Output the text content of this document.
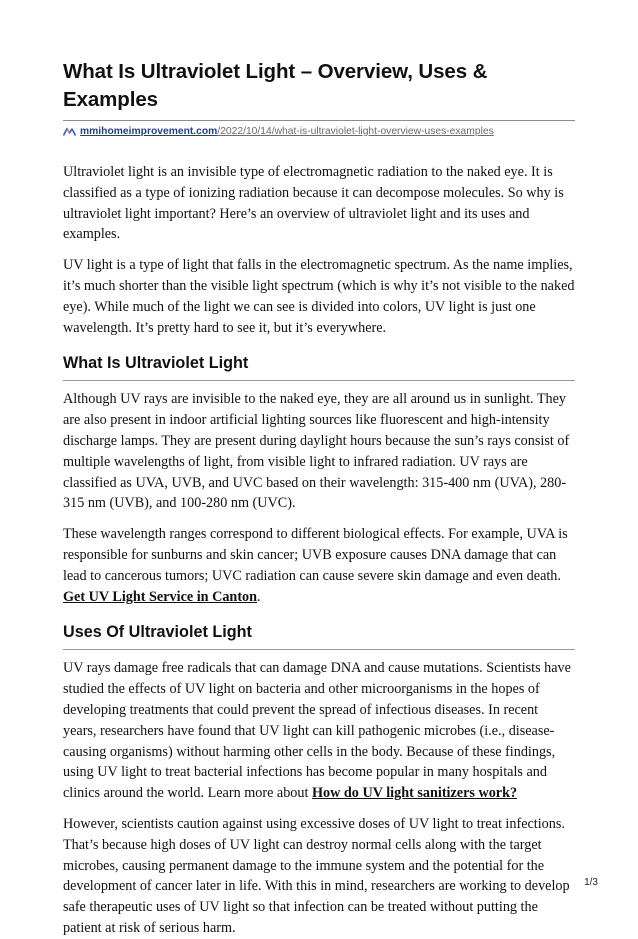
What Is Ultraviolet Light – Overview, Uses & Examples
mmihomeimprovement.com /2022/10/14/what-is-ultraviolet-light-overview-uses-examples

Ultraviolet light is an invisible type of electromagnetic radiation to the naked eye. It is classified as a type of ionizing radiation because it can decompose molecules. So why is ultraviolet light important? Here’s an overview of ultraviolet light and its uses and examples.

UV light is a type of light that falls in the electromagnetic spectrum. As the name implies, it’s much shorter than the visible light spectrum (which is why it’s not visible to the naked eye). While much of the light we can see is divided into colors, UV light is just one wavelength. It’s pretty hard to see it, but it’s everywhere.

What Is Ultraviolet Light

Although UV rays are invisible to the naked eye, they are all around us in sunlight. They are also present in indoor artificial lighting sources like fluorescent and high-intensity discharge lamps. They are present during daylight hours because the sun’s rays consist of multiple wavelengths of light, from visible light to infrared radiation. UV rays are classified as UVA, UVB, and UVC based on their wavelength: 315-400 nm (UVA), 280-315 nm (UVB), and 100-280 nm (UVC).

These wavelength ranges correspond to different biological effects. For example, UVA is responsible for sunburns and skin cancer; UVB exposure causes DNA damage that can lead to cancerous tumors; UVC radiation can cause severe skin damage and even death. Get UV Light Service in Canton.

Uses Of Ultraviolet Light

UV rays damage free radicals that can damage DNA and cause mutations. Scientists have studied the effects of UV light on bacteria and other microorganisms in the hopes of developing treatments that could prevent the spread of infectious diseases. In recent years, researchers have found that UV light can kill pathogenic microbes (i.e., disease-causing organisms) without harming other cells in the body. Because of these findings, using UV light to treat bacterial infections has become popular in many hospitals and clinics around the world. Learn more about How do UV light sanitizers work?

However, scientists caution against using excessive doses of UV light to treat infections. That’s because high doses of UV light can destroy normal cells along with the target microbes, causing permanent damage to the immune system and the potential for the development of cancer later in life. With this in mind, researchers are working to develop safe therapeutic uses of UV light so that infection can be treated without putting the patient at risk of serious harm.

1/3
